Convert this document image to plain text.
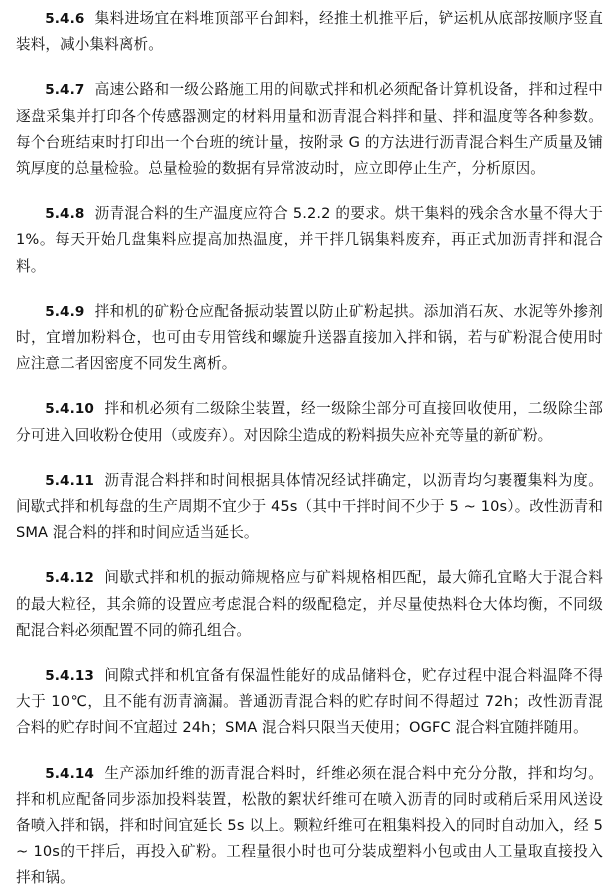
5.4.6 集料进场宜在料堆顶部平台卸料，经推土机推平后，铲运机从底部按顺序竖直装料，减小集料离析。

5.4.7 高速公路和一级公路施工用的间歇式拌和机必须配备计算机设备，拌和过程中逐盘采集并打印各个传感器测定的材料用量和沥青混合料拌和量、拌和温度等各种参数。每个台班结束时打印出一个台班的统计量，按附录 G 的方法进行沥青混合料生产质量及铺筑厚度的总量检验。总量检验的数据有异常波动时，应立即停止生产，分析原因。

5.4.8 沥青混合料的生产温度应符合 5.2.2 的要求。烘干集料的残余含水量不得大于 1%。每天开始几盘集料应提高加热温度，并干拌几锅集料废弃，再正式加沥青拌和混合料。

5.4.9 拌和机的矿粉仓应配备振动装置以防止矿粉起拱。添加消石灰、水泥等外掺剂时，宜增加粉料仓，也可由专用管线和螺旋升送器直接加入拌和锅，若与矿粉混合使用时应注意二者因密度不同发生离析。

5.4.10 拌和机必须有二级除尘装置，经一级除尘部分可直接回收使用，二级除尘部分可进入回收粉仓使用（或废弃）。对因除尘造成的粉料损失应补充等量的新矿粉。

5.4.11 沥青混合料拌和时间根据具体情况经试拌确定，以沥青均匀裹覆集料为度。间歇式拌和机每盘的生产周期不宜少于 45s（其中干拌时间不少于 5 ~ 10s）。改性沥青和 SMA 混合料的拌和时间应适当延长。

5.4.12 间歇式拌和机的振动筛规格应与矿料规格相匹配，最大筛孔宜略大于混合料的最大粒径，其余筛的设置应考虑混合料的级配稳定，并尽量使热料仓大体均衡，不同级配混合料必须配置不同的筛孔组合。

5.4.13 间隙式拌和机宜备有保温性能好的成品储料仓，贮存过程中混合料温降不得大于 10℃，且不能有沥青滴漏。普通沥青混合料的贮存时间不得超过 72h；改性沥青混合料的贮存时间不宜超过 24h；SMA 混合料只限当天使用；OGFC 混合料宜随拌随用。

5.4.14 生产添加纤维的沥青混合料时，纤维必须在混合料中充分分散，拌和均匀。拌和机应配备同步添加投料装置，松散的絮状纤维可在喷入沥青的同时或稍后采用风送设备喷入拌和锅，拌和时间宜延长 5s 以上。颗粒纤维可在粗集料投入的同时自动加入，经 5 ~ 10s的干拌后，再投入矿粉。工程量很小时也可分装成塑料小包或由人工量取直接投入拌和锅。
